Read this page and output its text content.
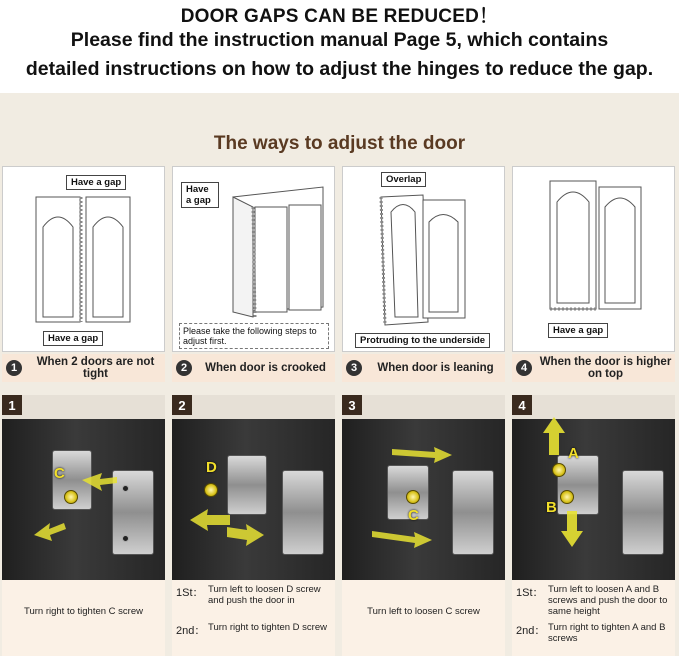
DOOR GAPS CAN BE REDUCED！
Please find the instruction manual Page 5, which contains
detailed instructions on how to adjust the hinges to reduce the gap.
The ways to adjust the door
Have a gap
Have a gap
1	When 2 doors are not tight
Have a gap
Please take the following steps to adjust first.
2	When door is crooked
Overlap
Protruding to the underside
3	When door is leaning
Have a gap
4	When the door is higher on top
1
C
Turn right to tighten C screw
2
D
1St： Turn left to loosen D screw and push the door in
2nd： Turn right to tighten D screw
3
C
Turn left to loosen C screw
4
A
B
1St： Turn left to loosen A and B screws and push the door to same height
2nd： Turn right to tighten A and B screws
